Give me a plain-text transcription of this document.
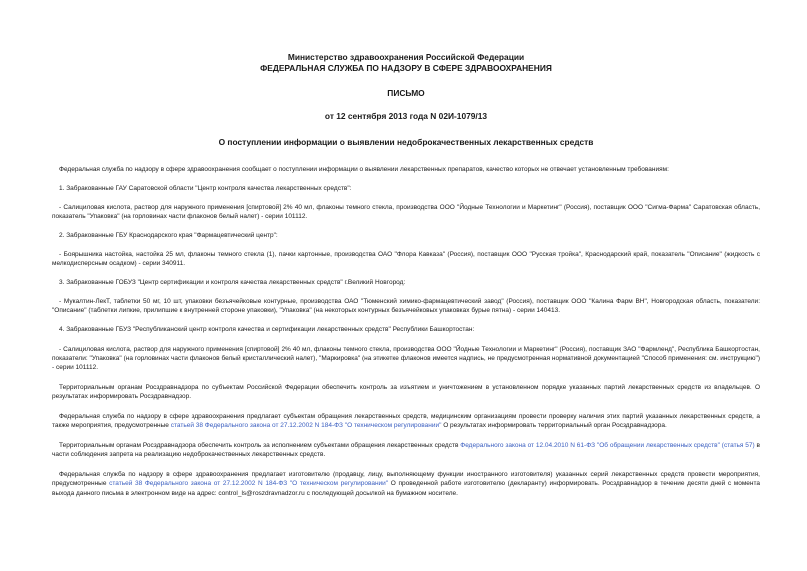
Министерство здравоохранения Российской Федерации
ФЕДЕРАЛЬНАЯ СЛУЖБА ПО НАДЗОРУ В СФЕРЕ ЗДРАВООХРАНЕНИЯ
ПИСЬМО
от 12 сентября 2013 года N 02И-1079/13
О поступлении информации о выявлении недоброкачественных лекарственных средств

Федеральная служба по надзору в сфере здравоохранения сообщает о поступлении информации о выявлении лекарственных препаратов, качество которых не отвечает установленным требованиям:

1. Забракованные ГАУ Саратовской области "Центр контроля качества лекарственных средств":

- Салициловая кислота, раствор для наружного применения [спиртовой] 2% 40 мл, флаконы темного стекла, производства ООО "Йодные Технологии и Маркетинг" (Россия), поставщик ООО "Сигма-Фарма" Саратовская область, показатель "Упаковка" (на горловинах части флаконов белый налет) - серии 101112.

2. Забракованные ГБУ Краснодарского края "Фармацевтический центр":

- Боярышника настойка, настойка 25 мл, флаконы темного стекла (1), пачки картонные, производства ОАО "Флора Кавказа" (Россия), поставщик ООО "Русская тройка", Краснодарский край, показатель "Описание" (жидкость с мелкодисперсным осадком) - серии 340911.

3. Забракованные ГОБУЗ "Центр сертификации и контроля качества лекарственных средств" г.Великий Новгород:

- Мукалтин-ЛекТ, таблетки 50 мг, 10 шт, упаковки безъячейковые контурные, производства ОАО "Тюменский химико-фармацевтический завод" (Россия), поставщик ООО "Калина Фарм ВН", Новгородская область, показатели: "Описание" (таблетки липкие, прилипшие к внутренней стороне упаковки), "Упаковка" (на некоторых контурных безъячейковых упаковках бурые пятна) - серии 140413.

4. Забракованные ГБУЗ "Республиканский центр контроля качества и сертификации лекарственных средств" Республики Башкортостан:

- Салициловая кислота, раствор для наружного применения [спиртовой] 2% 40 мл, флаконы темного стекла, производства ООО "Йодные Технологии и Маркетинг" (Россия), поставщик ЗАО "Фармленд", Республика Башкортостан, показатели: "Упаковка" (на горловинах части флаконов белый кристаллический налет), "Маркировка" (на этикетке флаконов имеется надпись, не предусмотренная нормативной документацией "Способ применения: см. инструкцию") - серии 101112.

Территориальным органам Росздравнадзора по субъектам Российской Федерации обеспечить контроль за изъятием и уничтожением в установленном порядке указанных партий лекарственных средств из владельцев. О результатах информировать Росздравнадзор.

Федеральная служба по надзору в сфере здравоохранения предлагает субъектам обращения лекарственных средств, медицинским организациям провести проверку наличия этих партий указанных лекарственных средств, а также мероприятия, предусмотренные статьей 38 Федерального закона от 27.12.2002 N 184-ФЗ "О техническом регулировании" О результатах информировать территориальный орган Росздравнадзора.

Территориальным органам Росздравнадзора обеспечить контроль за исполнением субъектами обращения лекарственных средств Федерального закона от 12.04.2010 N 61-ФЗ "Об обращении лекарственных средств" (статья 57) в части соблюдения запрета на реализацию недоброкачественных лекарственных средств.

Федеральная служба по надзору в сфере здравоохранения предлагает изготовителю (продавцу, лицу, выполняющему функции иностранного изготовителя) указанных серий лекарственных средств провести мероприятия, предусмотренные статьей 38 Федерального закона от 27.12.2002 N 184-ФЗ "О техническом регулировании" О проведенной работе изготовителю (декларанту) информировать. Росздравнадзор в течение десяти дней с момента выхода данного письма в электронном виде на адрес: control_ls@roszdravnadzor.ru с последующей досылкой на бумажном носителе.
